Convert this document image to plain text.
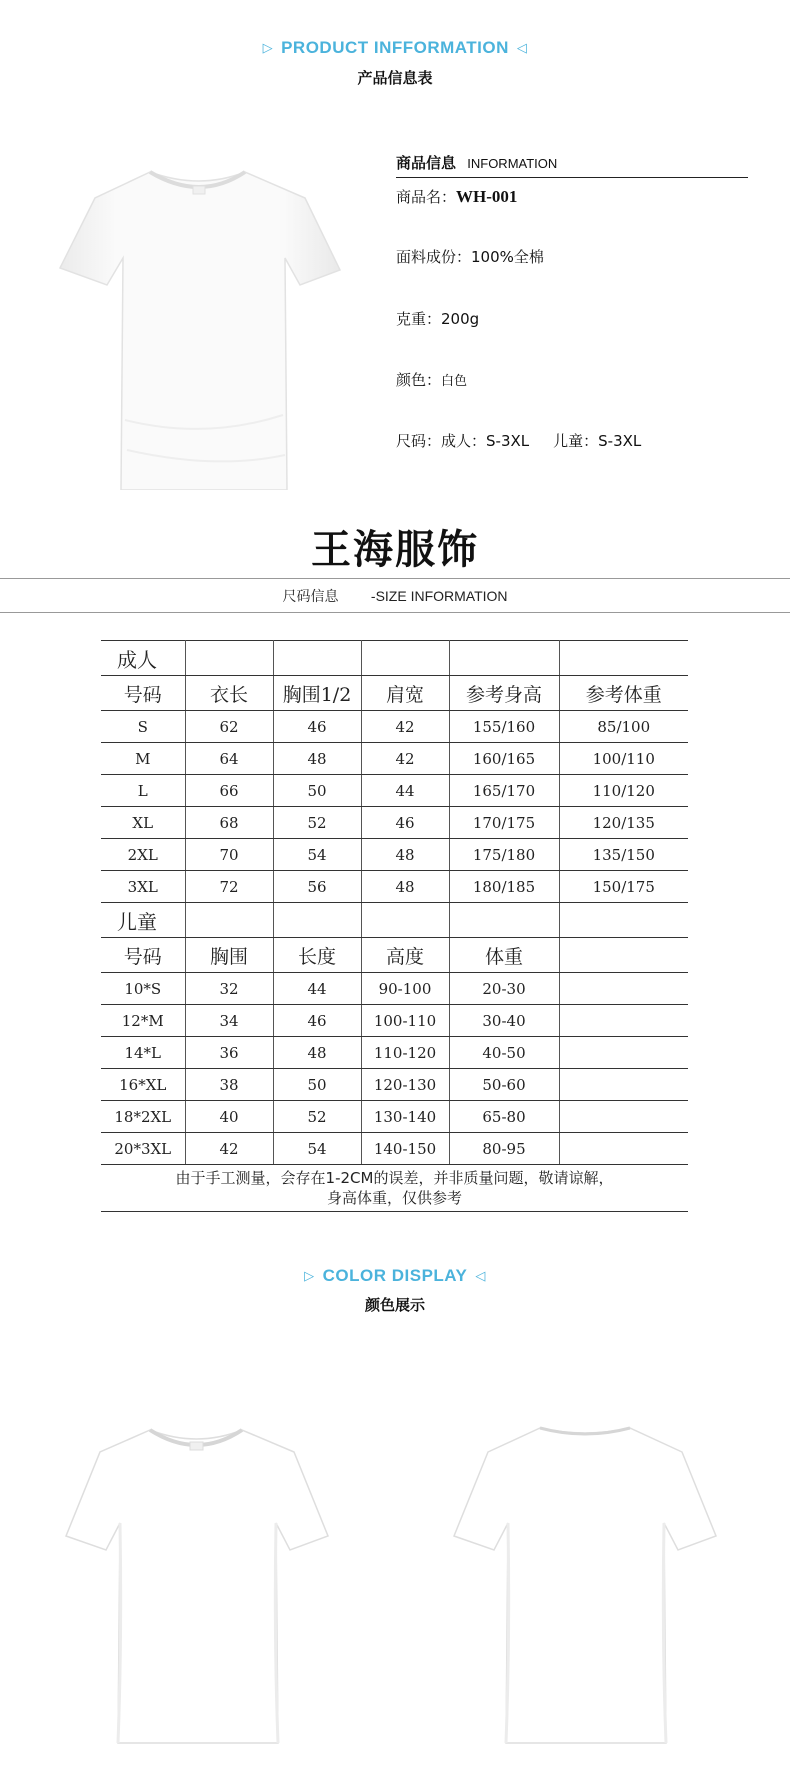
▷ PRODUCT INFFORMATION ◁
产品信息表
商品信息 INFORMATION
商品名：WH-001
面料成份：100%全棉
克重：200g
颜色：白色
尺码：成人：S-3XL 儿童：S-3XL
王海服饰
尺码信息 -SIZE INFORMATION
成人					
号码	衣长	胸围1/2	肩宽	参考身高	参考体重
S	62	46	42	155/160	85/100
M	64	48	42	160/165	100/110
L	66	50	44	165/170	110/120
XL	68	52	46	170/175	120/135
2XL	70	54	48	175/180	135/150
3XL	72	56	48	180/185	150/175
儿童					
号码	胸围	长度	高度	体重	
10*S	32	44	90-100	20-30	
12*M	34	46	100-110	30-40	
14*L	36	48	110-120	40-50	
16*XL	38	50	120-130	50-60	
18*2XL	40	52	130-140	65-80	
20*3XL	42	54	140-150	80-95	

由于手工测量，会存在1-2CM的误差，并非质量问题，敬请谅解，
身高体重，仅供参考					
▷ COLOR DISPLAY ◁
颜色展示
